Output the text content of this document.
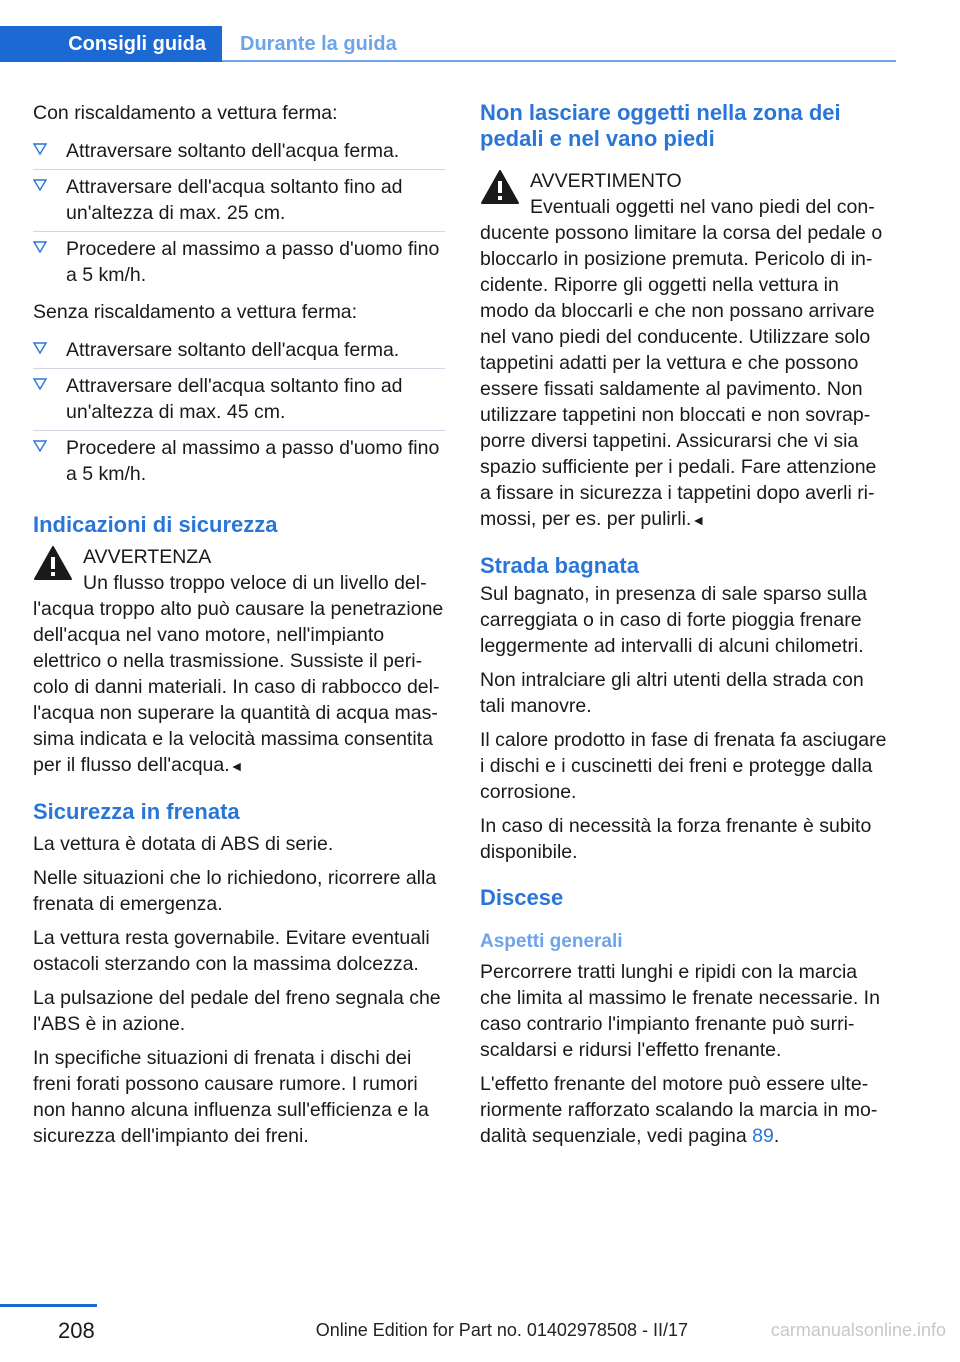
Consigli guida Durante la guida

Con riscaldamento a vettura ferma:

Attraversare soltanto dell'acqua ferma.
Attraversare dell'acqua soltanto fino ad un'altezza di max. 25 cm.
Procedere al massimo a passo d'uomo fino a 5 km/h.

Senza riscaldamento a vettura ferma:

Attraversare soltanto dell'acqua ferma.
Attraversare dell'acqua soltanto fino ad un'altezza di max. 45 cm.
Procedere al massimo a passo d'uomo fino a 5 km/h.
Indicazioni di sicurezza
AVVERTENZA
Un flusso troppo veloce di un livello dell'acqua troppo alto può causare la penetrazione dell'acqua nel vano motore, nell'impianto elettrico o nella trasmissione. Sussiste il pericolo di danni materiali. In caso di rabbocco dell'acqua non superare la quantità di acqua massima indicata e la velocità massima consentita per il flusso dell'acqua.◄
Sicurezza in frenata

La vettura è dotata di ABS di serie.

Nelle situazioni che lo richiedono, ricorrere alla frenata di emergenza.

La vettura resta governabile. Evitare eventuali ostacoli sterzando con la massima dolcezza.

La pulsazione del pedale del freno segnala che l'ABS è in azione.

In specifiche situazioni di frenata i dischi dei freni forati possono causare rumore. I rumori non hanno alcuna influenza sull'efficienza e la sicurezza dell'impianto dei freni.

Non lasciare oggetti nella zona dei pedali e nel vano piedi
AVVERTIMENTO
Eventuali oggetti nel vano piedi del conducente possono limitare la corsa del pedale o bloccarlo in posizione premuta. Pericolo di incidente. Riporre gli oggetti nella vettura in modo da bloccarli e che non possano arrivare nel vano piedi del conducente. Utilizzare solo tappetini adatti per la vettura e che possono essere fissati saldamente al pavimento. Non utilizzare tappetini non bloccati e non sovrapporre diversi tappetini. Assicurarsi che vi sia spazio sufficiente per i pedali. Fare attenzione a fissare in sicurezza i tappetini dopo averli rimossi, per es. per pulirli.◄
Strada bagnata

Sul bagnato, in presenza di sale sparso sulla carreggiata o in caso di forte pioggia frenare leggermente ad intervalli di alcuni chilometri.

Non intralciare gli altri utenti della strada con tali manovre.

Il calore prodotto in fase di frenata fa asciugare i dischi e i cuscinetti dei freni e protegge dalla corrosione.

In caso di necessità la forza frenante è subito disponibile.

Discese
Aspetti generali

Percorrere tratti lunghi e ripidi con la marcia che limita al massimo le frenate necessarie. In caso contrario l'impianto frenante può surriscaldarsi e ridursi l'effetto frenante.

L'effetto frenante del motore può essere ulteriormente rafforzato scalando la marcia in modalità sequenziale, vedi pagina 89.

208	Online Edition for Part no. 01402978508 - II/17	carmanualsonline.info
